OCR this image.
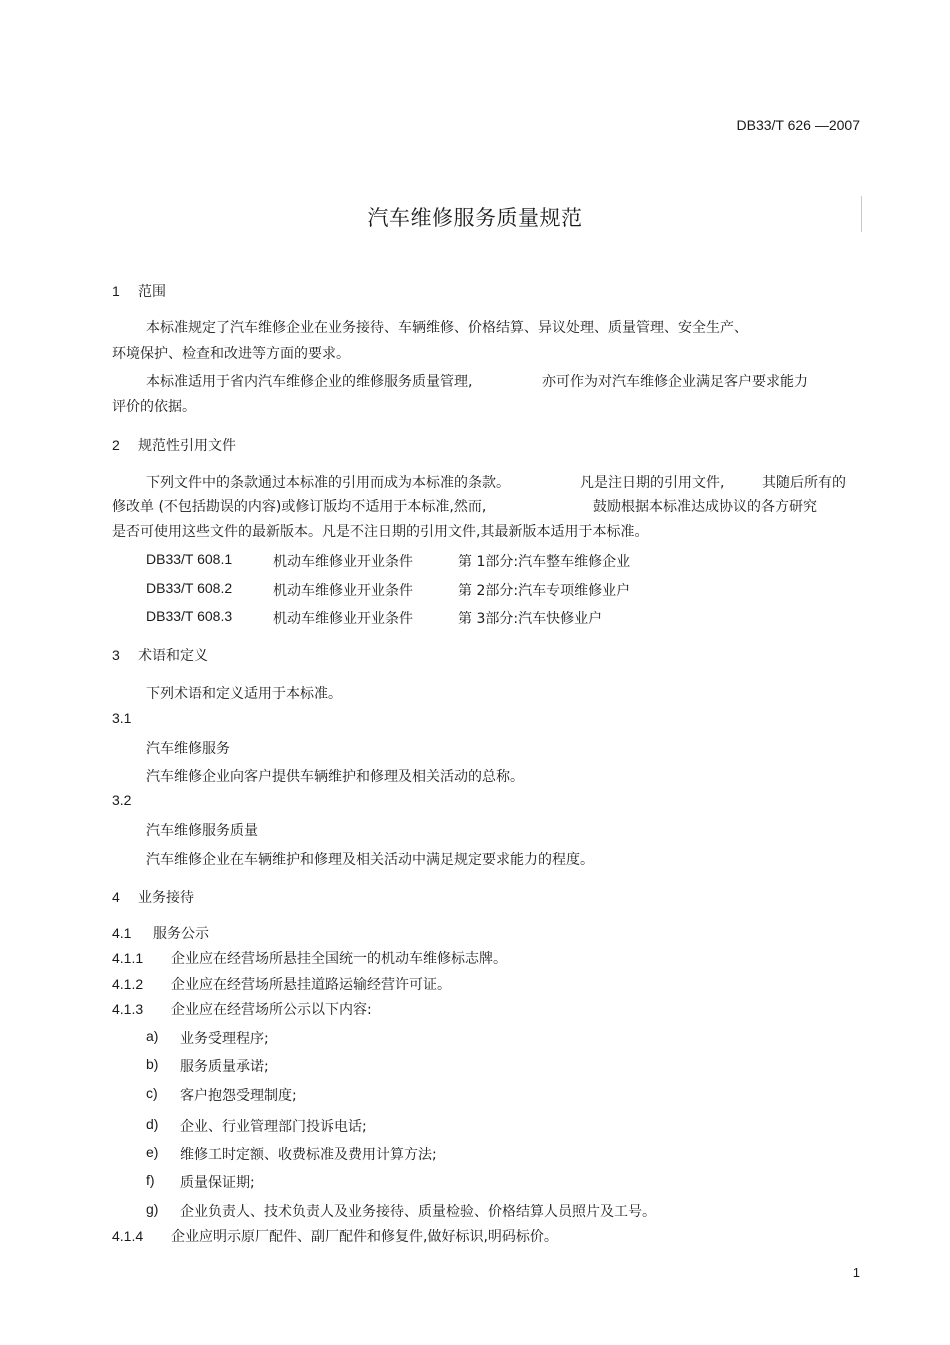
DB33/T 626 —2007
汽车维修服务质量规范
1 范围
本标准规定了汽车维修企业在业务接待、车辆维修、价格结算、异议处理、质量管理、安全生产、
环境保护、检查和改进等方面的要求。
本标准适用于省内汽车维修企业的维修服务质量管理,	亦可作为对汽车维修企业满足客户要求能力
评价的依据。
2 规范性引用文件
下列文件中的条款通过本标准的引用而成为本标准的条款。	凡是注日期的引用文件,	其随后所有的
修改单 (不包括勘误的内容)或修订版均不适用于本标准,然而,	鼓励根据本标准达成协议的各方研究
是否可使用这些文件的最新版本。凡是不注日期的引用文件,其最新版本适用于本标准。
DB33/T 608.1	机动车维修业开业条件	第 1部分:汽车整车维修企业
DB33/T 608.2	机动车维修业开业条件	第 2部分:汽车专项维修业户
DB33/T 608.3	机动车维修业开业条件	第 3部分:汽车快修业户
3 术语和定义
下列术语和定义适用于本标准。
3.1
汽车维修服务
汽车维修企业向客户提供车辆维护和修理及相关活动的总称。
3.2
汽车维修服务质量
汽车维修企业在车辆维护和修理及相关活动中满足规定要求能力的程度。
4 业务接待
4.1 服务公示
4.1.1 企业应在经营场所悬挂全国统一的机动车维修标志牌。
4.1.2 企业应在经营场所悬挂道路运输经营许可证。
4.1.3 企业应在经营场所公示以下内容:
a) 业务受理程序;
b) 服务质量承诺;
c) 客户抱怨受理制度;
d) 企业、行业管理部门投诉电话;
e) 维修工时定额、收费标准及费用计算方法;
f) 质量保证期;
g) 企业负责人、技术负责人及业务接待、质量检验、价格结算人员照片及工号。
4.1.4 企业应明示原厂配件、副厂配件和修复件,做好标识,明码标价。
1
